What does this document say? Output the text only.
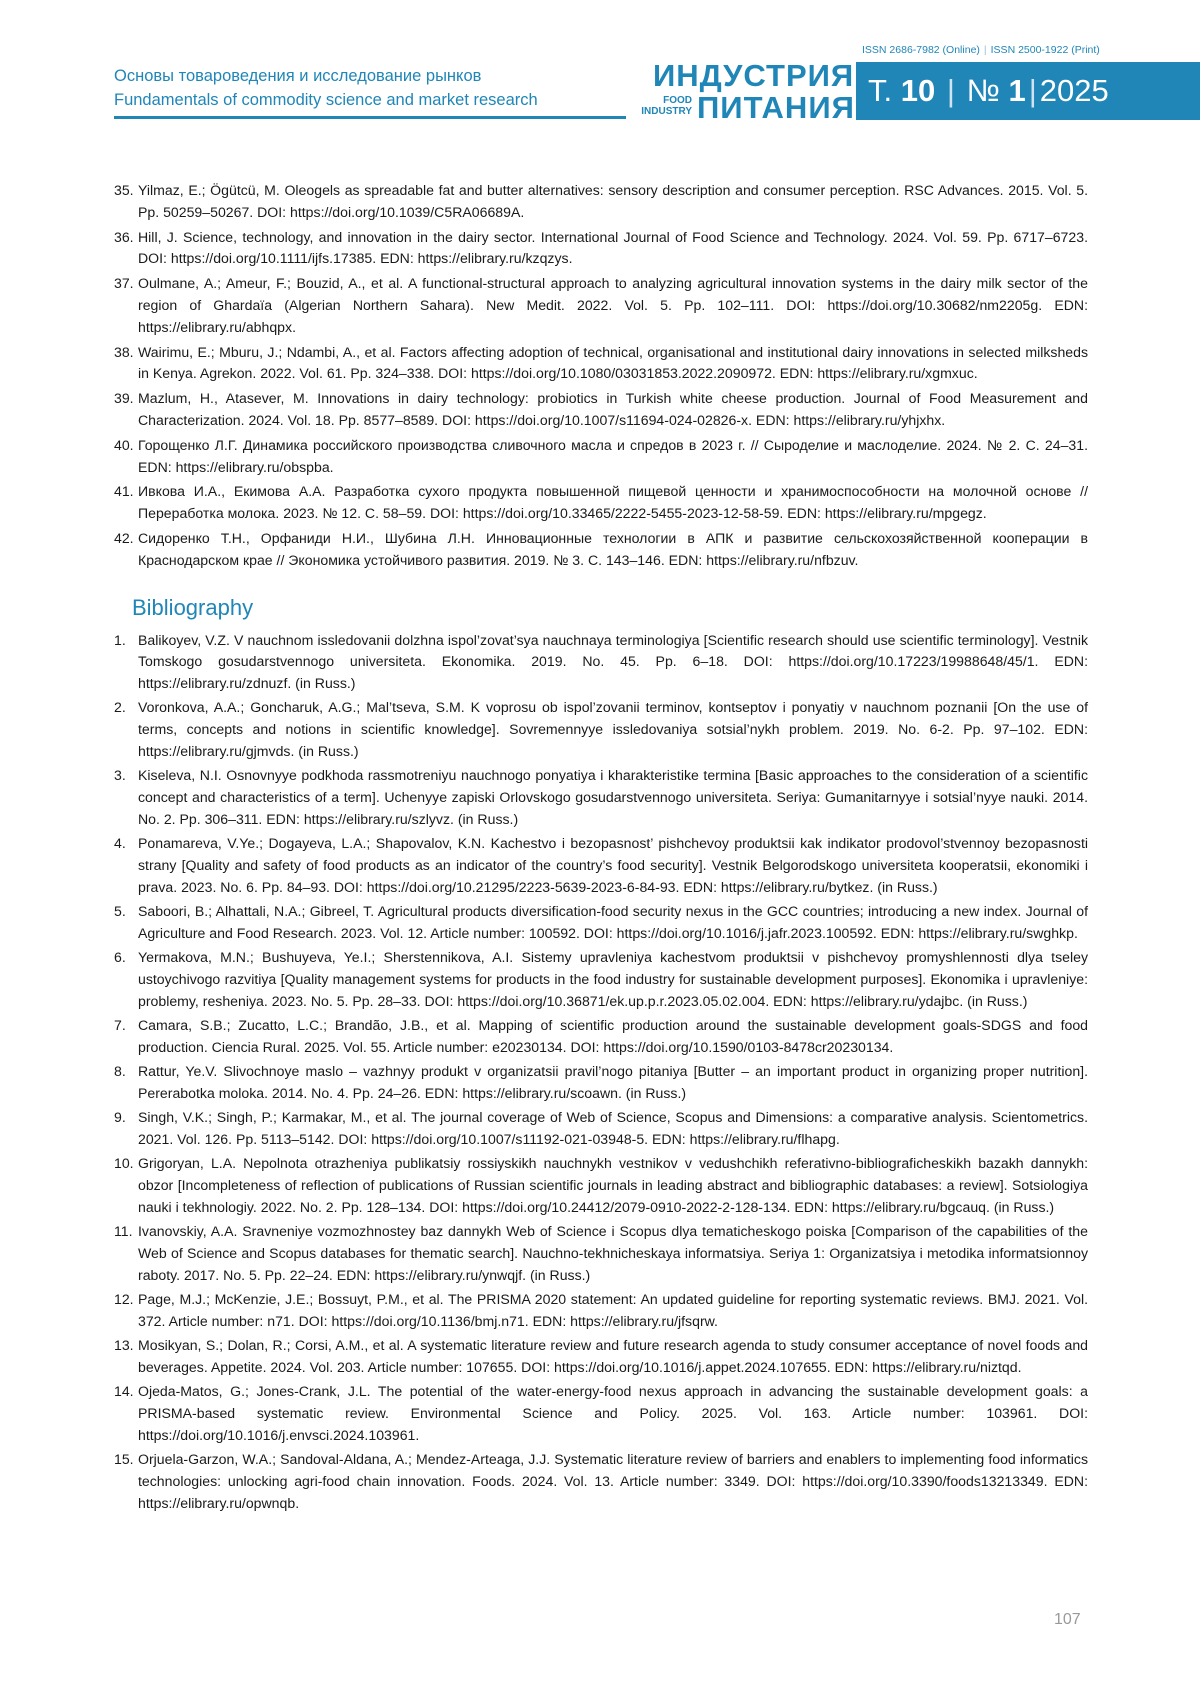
ISSN 2686-7982 (Online) | ISSN 2500-1922 (Print)
Основы товароведения и исследование рынков
Fundamentals of commodity science and market research
ИНДУСТРИЯ
FOOD
INDUSTRY ПИТАНИЯ Т. 10 | № 1|2025
35. Yilmaz, E.; Ögütcü, M. Oleogels as spreadable fat and butter alternatives: sensory description and consumer perception. RSC Advances. 2015. Vol. 5. Pp. 50259–50267. DOI: https://doi.org/10.1039/C5RA06689A.
36. Hill, J. Science, technology, and innovation in the dairy sector. International Journal of Food Science and Technology. 2024. Vol. 59. Pp. 6717–6723. DOI: https://doi.org/10.1111/ijfs.17385. EDN: https://elibrary.ru/kzqzys.
37. Oulmane, A.; Ameur, F.; Bouzid, A., et al. A functional-structural approach to analyzing agricultural innovation systems in the dairy milk sector of the region of Ghardaïa (Algerian Northern Sahara). New Medit. 2022. Vol. 5. Pp. 102–111. DOI: https://doi.org/10.30682/nm2205g. EDN: https://elibrary.ru/abhqpx.
38. Wairimu, E.; Mburu, J.; Ndambi, A., et al. Factors affecting adoption of technical, organisational and institutional dairy innovations in selected milksheds in Kenya. Agrekon. 2022. Vol. 61. Pp. 324–338. DOI: https://doi.org/10.1080/03031853.2022.2090972. EDN: https://elibrary.ru/xgmxuc.
39. Mazlum, H., Atasever, M. Innovations in dairy technology: probiotics in Turkish white cheese production. Journal of Food Measurement and Characterization. 2024. Vol. 18. Pp. 8577–8589. DOI: https://doi.org/10.1007/s11694-024-02826-x. EDN: https://elibrary.ru/yhjxhx.
40. Горощенко Л.Г. Динамика российского производства сливочного масла и спредов в 2023 г. // Сыроделие и маслоделие. 2024. № 2. С. 24–31. EDN: https://elibrary.ru/obspba.
41. Ивкова И.А., Екимова А.А. Разработка сухого продукта повышенной пищевой ценности и хранимоспособности на молочной основе // Переработка молока. 2023. № 12. С. 58–59. DOI: https://doi.org/10.33465/2222-5455-2023-12-58-59. EDN: https://elibrary.ru/mpgegz.
42. Сидоренко Т.Н., Орфаниди Н.И., Шубина Л.Н. Инновационные технологии в АПК и развитие сельскохозяйственной кооперации в Краснодарском крае // Экономика устойчивого развития. 2019. № 3. С. 143–146. EDN: https://elibrary.ru/nfbzuv.
Bibliography
1. Balikoyev, V.Z. V nauchnom issledovanii dolzhna ispol’zovat’sya nauchnaya terminologiya [Scientific research should use scientific terminology]. Vestnik Tomskogo gosudarstvennogo universiteta. Ekonomika. 2019. No. 45. Pp. 6–18. DOI: https://doi.org/10.17223/19988648/45/1. EDN: https://elibrary.ru/zdnuzf. (in Russ.)
2. Voronkova, A.A.; Goncharuk, A.G.; Mal’tseva, S.M. K voprosu ob ispol’zovanii terminov, kontseptov i ponyatiy v nauchnom poznanii [On the use of terms, concepts and notions in scientific knowledge]. Sovremennyye issledovaniya sotsial’nykh problem. 2019. No. 6-2. Pp. 97–102. EDN: https://elibrary.ru/gjmvds. (in Russ.)
3. Kiseleva, N.I. Osnovnyye podkhoda rassmotreniyu nauchnogo ponyatiya i kharakteristike termina [Basic approaches to the consideration of a scientific concept and characteristics of a term]. Uchenyye zapiski Orlovskogo gosudarstvennogo universiteta. Seriya: Gumanitarnyye i sotsial’nyye nauki. 2014. No. 2. Pp. 306–311. EDN: https://elibrary.ru/szlyvz. (in Russ.)
4. Ponamareva, V.Ye.; Dogayeva, L.A.; Shapovalov, K.N. Kachestvo i bezopasnost’ pishchevoy produktsii kak indikator prodovol’stvennoy bezopasnosti strany [Quality and safety of food products as an indicator of the country’s food security]. Vestnik Belgorodskogo universiteta kooperatsii, ekonomiki i prava. 2023. No. 6. Pp. 84–93. DOI: https://doi.org/10.21295/2223-5639-2023-6-84-93. EDN: https://elibrary.ru/bytkez. (in Russ.)
5. Saboori, B.; Alhattali, N.A.; Gibreel, T. Agricultural products diversification-food security nexus in the GCC countries; introducing a new index. Journal of Agriculture and Food Research. 2023. Vol. 12. Article number: 100592. DOI: https://doi.org/10.1016/j.jafr.2023.100592. EDN: https://elibrary.ru/swghkp.
6. Yermakova, M.N.; Bushuyeva, Ye.I.; Sherstennikova, A.I. Sistemy upravleniya kachestvom produktsii v pishchevoy promyshlennosti dlya tseley ustoychivogo razvitiya [Quality management systems for products in the food industry for sustainable development purposes]. Ekonomika i upravleniye: problemy, resheniya. 2023. No. 5. Pp. 28–33. DOI: https://doi.org/10.36871/ek.up.p.r.2023.05.02.004. EDN: https://elibrary.ru/ydajbc. (in Russ.)
7. Camara, S.B.; Zucatto, L.C.; Brandão, J.B., et al. Mapping of scientific production around the sustainable development goals-SDGS and food production. Ciencia Rural. 2025. Vol. 55. Article number: e20230134. DOI: https://doi.org/10.1590/0103-8478cr20230134.
8. Rattur, Ye.V. Slivochnoye maslo – vazhnyy produkt v organizatsii pravil’nogo pitaniya [Butter – an important product in organizing proper nutrition]. Pererabotka moloka. 2014. No. 4. Pp. 24–26. EDN: https://elibrary.ru/scoawn. (in Russ.)
9. Singh, V.K.; Singh, P.; Karmakar, M., et al. The journal coverage of Web of Science, Scopus and Dimensions: a comparative analysis. Scientometrics. 2021. Vol. 126. Pp. 5113–5142. DOI: https://doi.org/10.1007/s11192-021-03948-5. EDN: https://elibrary.ru/flhapg.
10. Grigoryan, L.A. Nepolnota otrazheniya publikatsiy rossiyskikh nauchnykh vestnikov v vedushchikh referativno-bibliograficheskikh bazakh dannykh: obzor [Incompleteness of reflection of publications of Russian scientific journals in leading abstract and bibliographic databases: a review]. Sotsiologiya nauki i tekhnologiy. 2022. No. 2. Pp. 128–134. DOI: https://doi.org/10.24412/2079-0910-2022-2-128-134. EDN: https://elibrary.ru/bgcauq. (in Russ.)
11. Ivanovskiy, A.A. Sravneniye vozmozhnostey baz dannykh Web of Science i Scopus dlya tematicheskogo poiska [Comparison of the capabilities of the Web of Science and Scopus databases for thematic search]. Nauchno-tekhnicheskaya informatsiya. Seriya 1: Organizatsiya i metodika informatsionnoy raboty. 2017. No. 5. Pp. 22–24. EDN: https://elibrary.ru/ynwqjf. (in Russ.)
12. Page, M.J.; McKenzie, J.E.; Bossuyt, P.M., et al. The PRISMA 2020 statement: An updated guideline for reporting systematic reviews. BMJ. 2021. Vol. 372. Article number: n71. DOI: https://doi.org/10.1136/bmj.n71. EDN: https://elibrary.ru/jfsqrw.
13. Mosikyan, S.; Dolan, R.; Corsi, A.M., et al. A systematic literature review and future research agenda to study consumer acceptance of novel foods and beverages. Appetite. 2024. Vol. 203. Article number: 107655. DOI: https://doi.org/10.1016/j.appet.2024.107655. EDN: https://elibrary.ru/niztqd.
14. Ojeda-Matos, G.; Jones-Crank, J.L. The potential of the water-energy-food nexus approach in advancing the sustainable development goals: a PRISMA-based systematic review. Environmental Science and Policy. 2025. Vol. 163. Article number: 103961. DOI: https://doi.org/10.1016/j.envsci.2024.103961.
15. Orjuela-Garzon, W.A.; Sandoval-Aldana, A.; Mendez-Arteaga, J.J. Systematic literature review of barriers and enablers to implementing food informatics technologies: unlocking agri-food chain innovation. Foods. 2024. Vol. 13. Article number: 3349. DOI: https://doi.org/10.3390/foods13213349. EDN: https://elibrary.ru/opwnqb.
107
